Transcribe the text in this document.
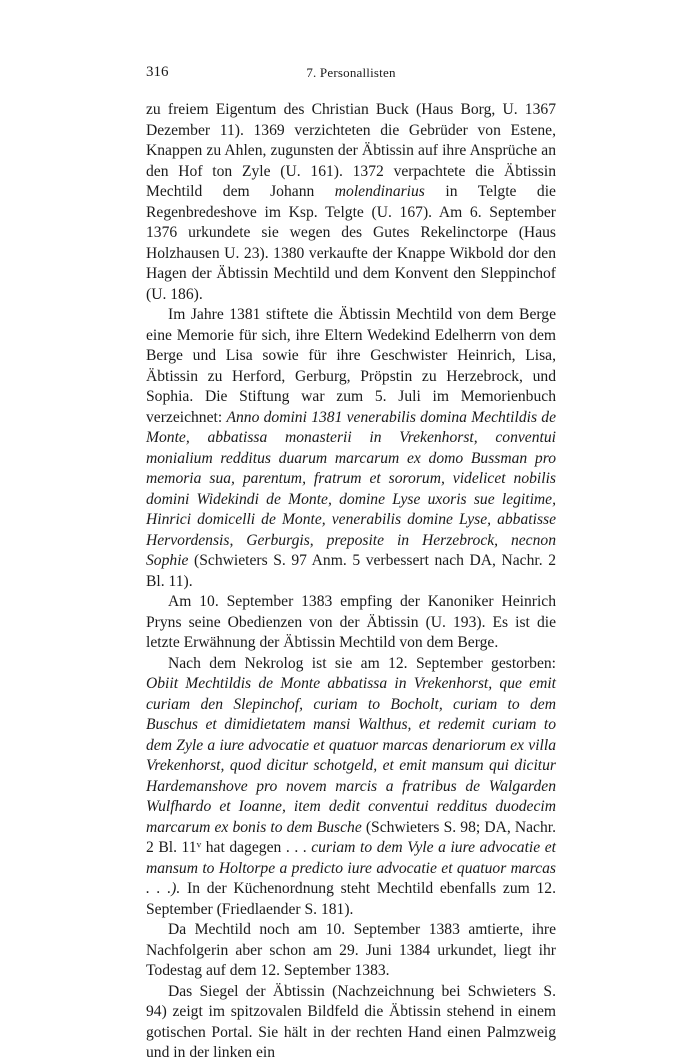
316	7. Personallisten

zu freiem Eigentum des Christian Buck (Haus Borg, U. 1367 Dezember 11). 1369 verzichteten die Gebrüder von Estene, Knappen zu Ahlen, zugunsten der Äbtissin auf ihre Ansprüche an den Hof ton Zyle (U. 161). 1372 verpachtete die Äbtissin Mechtild dem Johann molendinarius in Telgte die Regenbredeshove im Ksp. Telgte (U. 167). Am 6. September 1376 urkundete sie wegen des Gutes Rekelinctorpe (Haus Holzhausen U. 23). 1380 verkaufte der Knappe Wikbold dor den Hagen der Äbtissin Mechtild und dem Konvent den Sleppinchof (U. 186).

Im Jahre 1381 stiftete die Äbtissin Mechtild von dem Berge eine Memorie für sich, ihre Eltern Wedekind Edelherrn von dem Berge und Lisa sowie für ihre Geschwister Heinrich, Lisa, Äbtissin zu Herford, Gerburg, Pröpstin zu Herzebrock, und Sophia. Die Stiftung war zum 5. Juli im Memorienbuch verzeichnet: Anno domini 1381 venerabilis domina Mechtildis de Monte, abbatissa monasterii in Vrekenhorst, conventui monialium redditus duarum marcarum ex domo Bussman pro memoria sua, parentum, fratrum et sororum, videlicet nobilis domini Widekindi de Monte, domine Lyse uxoris sue legitime, Hinrici domicelli de Monte, venerabilis domine Lyse, abbatisse Hervordensis, Gerburgis, preposite in Herzebrock, necnon Sophie (Schwieters S. 97 Anm. 5 verbessert nach DA, Nachr. 2 Bl. 11).

Am 10. September 1383 empfing der Kanoniker Heinrich Pryns seine Obedienzen von der Äbtissin (U. 193). Es ist die letzte Erwähnung der Äbtissin Mechtild von dem Berge.

Nach dem Nekrolog ist sie am 12. September gestorben: Obiit Mechtildis de Monte abbatissa in Vrekenhorst, que emit curiam den Slepinchof, curiam to Bocholt, curiam to dem Buschus et dimidietatem mansi Walthus, et redemit curiam to dem Zyle a iure advocatie et quatuor marcas denariorum ex villa Vrekenhorst, quod dicitur schotgeld, et emit mansum qui dicitur Hardemanshove pro novem marcis a fratribus de Walgarden Wulfhardo et Ioanne, item dedit conventui redditus duodecim marcarum ex bonis to dem Busche (Schwieters S. 98; DA, Nachr. 2 Bl. 11ᵛ hat dagegen . . . curiam to dem Vyle a iure advocatie et mansum to Holtorpe a predicto iure advocatie et quatuor marcas . . .). In der Küchenordnung steht Mechtild ebenfalls zum 12. September (Friedlaender S. 181).

Da Mechtild noch am 10. September 1383 amtierte, ihre Nachfolgerin aber schon am 29. Juni 1384 urkundet, liegt ihr Todestag auf dem 12. September 1383.

Das Siegel der Äbtissin (Nachzeichnung bei Schwieters S. 94) zeigt im spitzovalen Bildfeld die Äbtissin stehend in einem gotischen Portal. Sie hält in der rechten Hand einen Palmzweig und in der linken ein
